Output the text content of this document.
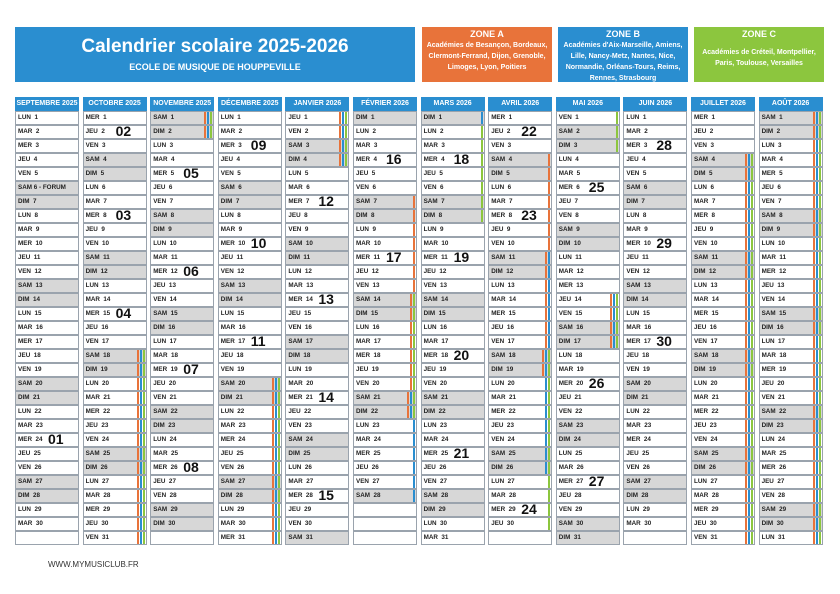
Calendrier scolaire 2025-2026
ECOLE DE MUSIQUE DE HOUPPEVILLE
ZONE A
Académies de Besançon, Bordeaux, Clermont-Ferrand, Dijon, Grenoble, Limoges, Lyon, Poitiers
ZONE B
Académies d'Aix-Marseille, Amiens, Lille, Nancy-Metz, Nantes, Nice, Normandie, Orléans-Tours, Reims, Rennes, Strasbourg
ZONE C
Académies de Créteil, Montpellier, Paris, Toulouse, Versailles
SEPTEMBRE 2025
LUN  1
MAR  2
MER  3
JEU  4
VEN  5
SAM 6 - FORUM
DIM  7
LUN  8
MAR  9
MER  10
JEU  11
VEN  12
SAM  13
DIM  14
LUN  15
MAR  16
MER  17
JEU  18
VEN  19
SAM  20
DIM  21
LUN  22
MAR  23
MER  24 01
JEU  25
VEN  26
SAM  27
DIM  28
LUN  29
MAR  30
OCTOBRE 2025
MER  1
JEU  2 02
VEN  3
SAM  4
DIM  5
LUN  6
MAR  7
MER  8 03
JEU  9
VEN  10
SAM  11
DIM  12
LUN  13
MAR  14
MER  15 04
JEU  16
VEN  17
SAM  18
DIM  19
LUN  20
MAR  21
MER  22
JEU  23
VEN  24
SAM  25
DIM  26
LUN  27
MAR  28
MER  29
JEU  30
VEN  31
NOVEMBRE 2025
SAM  1
DIM  2
LUN  3
MAR  4
MER  5 05
JEU  6
VEN  7
SAM  8
DIM  9
LUN  10
MAR  11
MER  12 06
JEU  13
VEN  14
SAM  15
DIM  16
LUN  17
MAR  18
MER  19 07
JEU  20
VEN  21
SAM  22
DIM  23
LUN  24
MAR  25
MER  26 08
JEU  27
VEN  28
SAM  29
DIM  30
DÉCEMBRE 2025
LUN  1
MAR  2
MER  3 09
JEU  4
VEN  5
SAM  6
DIM  7
LUN  8
MAR  9
MER  10 10
JEU  11
VEN  12
SAM  13
DIM  14
LUN  15
MAR  16
MER  17 11
JEU  18
VEN  19
SAM  20
DIM  21
LUN  22
MAR  23
MER  24
JEU  25
VEN  26
SAM  27
DIM  28
LUN  29
MAR  30
MER  31
JANVIER 2026
JEU  1
VEN  2
SAM  3
DIM  4
LUN  5
MAR  6
MER  7 12
JEU  8
VEN  9
SAM  10
DIM  11
LUN  12
MAR  13
MER  14 13
JEU  15
VEN  16
SAM  17
DIM  18
LUN  19
MAR  20
MER  21 14
JEU  22
VEN  23
SAM  24
DIM  25
LUN  26
MAR  27
MER  28 15
JEU  29
VEN  30
SAM  31
FÉVRIER 2026
DIM  1
LUN  2
MAR  3
MER  4 16
JEU  5
VEN  6
SAM  7
DIM  8
LUN  9
MAR  10
MER  11 17
JEU  12
VEN  13
SAM  14
DIM  15
LUN  16
MAR  17
MER  18
JEU  19
VEN  20
SAM  21
DIM  22
LUN  23
MAR  24
MER  25
JEU  26
VEN  27
SAM  28
MARS 2026
DIM  1
LUN  2
MAR  3
MER  4 18
JEU  5
VEN  6
SAM  7
DIM  8
LUN  9
MAR  10
MER  11 19
JEU  12
VEN  13
SAM  14
DIM  15
LUN  16
MAR  17
MER  18 20
JEU  19
VEN  20
SAM  21
DIM  22
LUN  23
MAR  24
MER  25 21
JEU  26
VEN  27
SAM  28
DIM  29
LUN  30
MAR  31
AVRIL 2026
MER  1
JEU  2 22
VEN  3
SAM  4
DIM  5
LUN  6
MAR  7
MER  8 23
JEU  9
VEN  10
SAM  11
DIM  12
LUN  13
MAR  14
MER  15
JEU  16
VEN  17
SAM  18
DIM  19
LUN  20
MAR  21
MER  22
JEU  23
VEN  24
SAM  25
DIM  26
LUN  27
MAR  28
MER  29 24
JEU  30
MAI 2026
VEN  1
SAM  2
DIM  3
LUN  4
MAR  5
MER  6 25
JEU  7
VEN  8
SAM  9
DIM  10
LUN  11
MAR  12
MER  13
JEU  14
VEN  15
SAM  16
DIM  17
LUN  18
MAR  19
MER  20 26
JEU  21
VEN  22
SAM  23
DIM  24
LUN  25
MAR  26
MER  27 27
JEU  28
VEN  29
SAM  30
DIM  31
JUIN 2026
LUN  1
MAR  2
MER  3 28
JEU  4
VEN  5
SAM  6
DIM  7
LUN  8
MAR  9
MER  10 29
JEU  11
VEN  12
SAM  13
DIM  14
LUN  15
MAR  16
MER  17 30
JEU  18
VEN  19
SAM  20
DIM  21
LUN  22
MAR  23
MER  24
JEU  25
VEN  26
SAM  27
DIM  28
LUN  29
MAR  30
JUILLET 2026
MER  1
JEU  2
VEN  3
SAM  4
DIM  5
LUN  6
MAR  7
MER  8
JEU  9
VEN  10
SAM  11
DIM  12
LUN  13
MAR  14
MER  15
JEU  16
VEN  17
SAM  18
DIM  19
LUN  20
MAR  21
MER  22
JEU  23
VEN  24
SAM  25
DIM  26
LUN  27
MAR  28
MER  29
JEU  30
VEN  31
AOÛT 2026
SAM  1
DIM  2
LUN  3
MAR  4
MER  5
JEU  6
VEN  7
SAM  8
DIM  9
LUN  10
MAR  11
MER  12
JEU  13
VEN  14
SAM  15
DIM  16
LUN  17
MAR  18
MER  19
JEU  20
VEN  21
SAM  22
DIM  23
LUN  24
MAR  25
MER  26
JEU  27
VEN  28
SAM  29
DIM  30
LUN  31
WWW.MYMUSICLUB.FR
